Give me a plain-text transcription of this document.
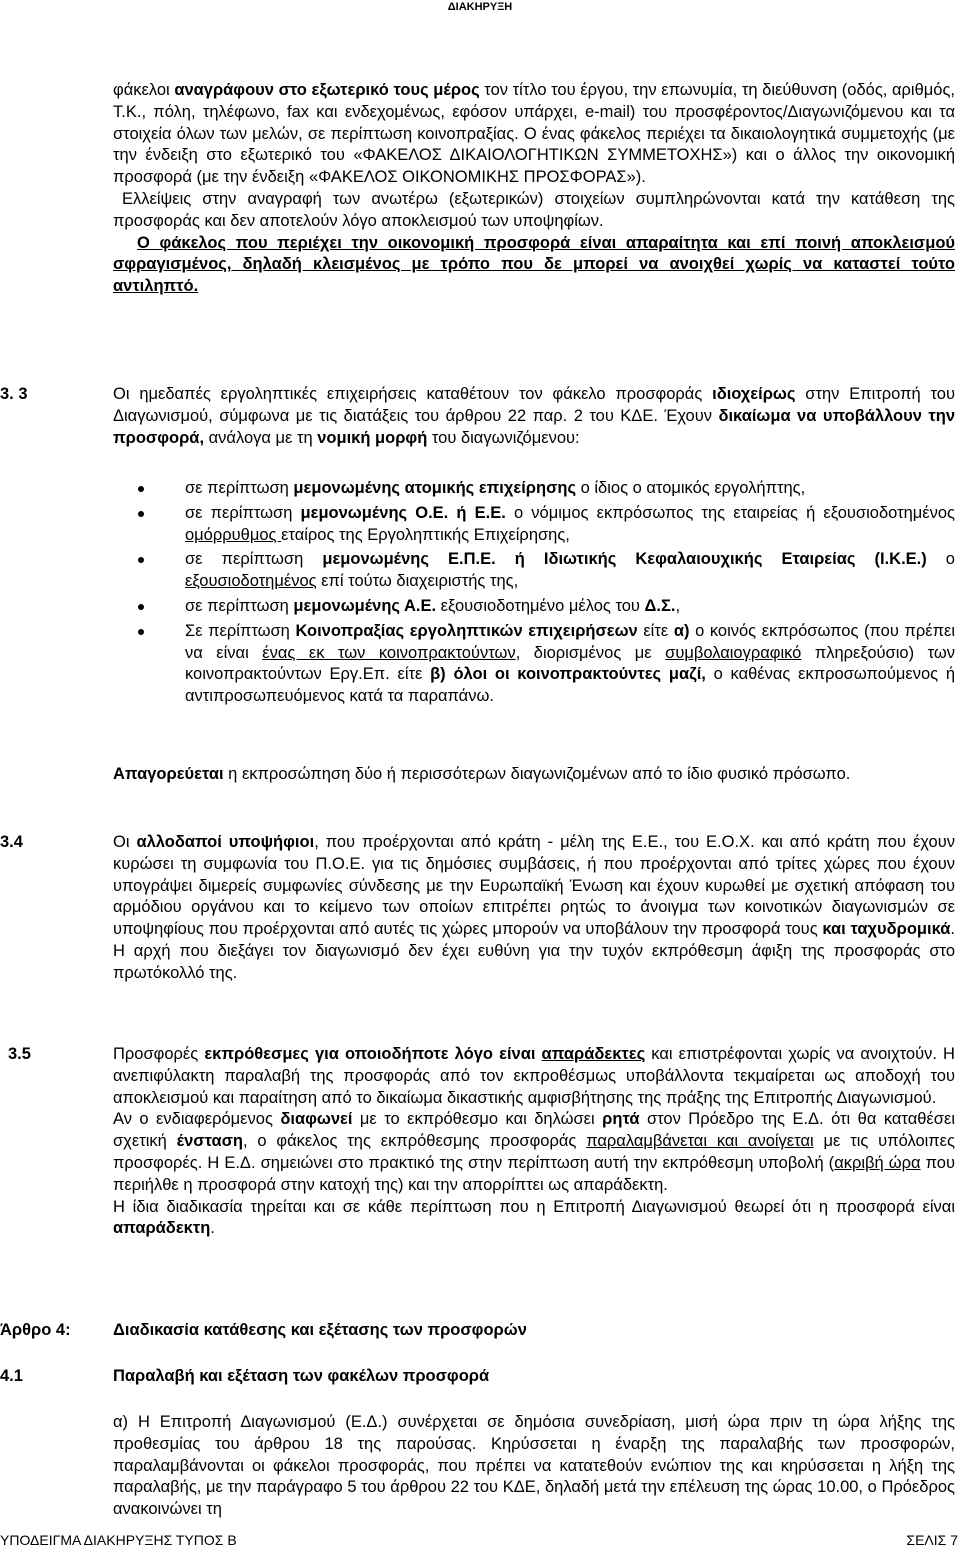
ΔΙΑΚΗΡΥΞΗ

φάκελοι αναγράφουν στο εξωτερικό τους μέρος τον τίτλο του έργου, την επωνυμία, τη διεύθυνση (οδός, αριθμός, Τ.Κ., πόλη, τηλέφωνο, fax και ενδεχομένως, εφόσον υπάρχει, e-mail) του προσφέροντος/Διαγωνιζόμενου και τα στοιχεία όλων των μελών, σε περίπτωση κοινοπραξίας. Ο ένας φάκελος περιέχει τα δικαιολογητικά συμμετοχής (με την ένδειξη στο εξωτερικό του «ΦΑΚΕΛΟΣ ΔΙΚΑΙΟΛΟΓΗΤΙΚΩΝ ΣΥΜΜΕΤΟΧΗΣ») και ο άλλος την οικονομική προσφορά (με την ένδειξη «ΦΑΚΕΛΟΣ ΟΙΚΟΝΟΜΙΚΗΣ ΠΡΟΣΦΟΡΑΣ»).

Ελλείψεις στην αναγραφή των ανωτέρω (εξωτερικών) στοιχείων συμπληρώνονται κατά την κατάθεση της προσφοράς και δεν αποτελούν λόγο αποκλεισμού των υποψηφίων.

Ο φάκελος που περιέχει την οικονομική προσφορά είναι απαραίτητα και επί ποινή αποκλεισμού σφραγισμένος, δηλαδή κλεισμένος με τρόπο που δε μπορεί να ανοιχθεί χωρίς να καταστεί τούτο αντιληπτό.

3. 3	Οι ημεδαπές εργοληπτικές επιχειρήσεις καταθέτουν τον φάκελο προσφοράς ιδιοχείρως στην Επιτροπή του Διαγωνισμού, σύμφωνα με τις διατάξεις του άρθρου 22 παρ. 2 του ΚΔΕ. Έχουν δικαίωμα να υποβάλλουν την προσφορά, ανάλογα με τη νομική μορφή του διαγωνιζόμενου:

σε περίπτωση μεμονωμένης ατομικής επιχείρησης ο ίδιος ο ατομικός εργολήπτης,
σε περίπτωση μεμονωμένης Ο.Ε. ή Ε.Ε. ο νόμιμος εκπρόσωπος της εταιρείας ή εξουσιοδοτημένος ομόρρυθμος εταίρος της Εργοληπτικής Επιχείρησης,
σε περίπτωση μεμονωμένης Ε.Π.Ε. ή Ιδιωτικής Κεφαλαιουχικής Εταιρείας (Ι.Κ.Ε.) ο εξουσιοδοτημένος επί τούτω διαχειριστής της,
σε περίπτωση μεμονωμένης Α.Ε. εξουσιοδοτημένο μέλος του Δ.Σ.,
Σε περίπτωση Κοινοπραξίας εργοληπτικών επιχειρήσεων είτε α) ο κοινός εκπρόσωπος (που πρέπει να είναι ένας εκ των κοινοπρακτούντων, διορισμένος με συμβολαιογραφικό πληρεξούσιο) των κοινοπρακτούντων Εργ.Επ. είτε β) όλοι οι κοινοπρακτούντες μαζί, ο καθένας εκπροσωπούμενος ή αντιπροσωπευόμενος κατά τα παραπάνω.

Απαγορεύεται η εκπροσώπηση δύο ή περισσότερων διαγωνιζομένων από το ίδιο φυσικό πρόσωπο.

3.4	Οι αλλοδαποί υποψήφιοι, που προέρχονται από κράτη - μέλη της Ε.Ε., του Ε.Ο.Χ. και από κράτη που έχουν κυρώσει τη συμφωνία του Π.Ο.Ε. για τις δημόσιες συμβάσεις, ή που προέρχονται από τρίτες χώρες που έχουν υπογράψει διμερείς συμφωνίες σύνδεσης με την Ευρωπαϊκή Ένωση και έχουν κυρωθεί με σχετική απόφαση του αρμόδιου οργάνου και το κείμενο των οποίων επιτρέπει ρητώς το άνοιγμα των κοινοτικών διαγωνισμών σε υποψηφίους που προέρχονται από αυτές τις χώρες μπορούν να υποβάλουν την προσφορά τους και ταχυδρομικά. Η αρχή που διεξάγει τον διαγωνισμό δεν έχει ευθύνη για την τυχόν εκπρόθεσμη άφιξη της προσφοράς στο πρωτόκολλό της.

3.5	Προσφορές εκπρόθεσμες για οποιοδήποτε λόγο είναι απαράδεκτες και επιστρέφονται χωρίς να ανοιχτούν. Η ανεπιφύλακτη παραλαβή της προσφοράς από τον εκπροθέσμως υποβάλλοντα τεκμαίρεται ως αποδοχή του αποκλεισμού και παραίτηση από το δικαίωμα δικαστικής αμφισβήτησης της πράξης της Επιτροπής Διαγωνισμού.

Αν ο ενδιαφερόμενος διαφωνεί με το εκπρόθεσμο και δηλώσει ρητά στον Πρόεδρο της Ε.Δ. ότι θα καταθέσει σχετική ένσταση, ο φάκελος της εκπρόθεσμης προσφοράς παραλαμβάνεται και ανοίγεται με τις υπόλοιπες προσφορές. Η Ε.Δ. σημειώνει στο πρακτικό της στην περίπτωση αυτή την εκπρόθεσμη υποβολή (ακριβή ώρα που περιήλθε η προσφορά στην κατοχή της) και την απορρίπτει ως απαράδεκτη.

Η ίδια διαδικασία τηρείται και σε κάθε περίπτωση που η Επιτροπή Διαγωνισμού θεωρεί ότι η προσφορά είναι απαράδεκτη.

Άρθρο 4:	Διαδικασία κατάθεσης και εξέτασης των προσφορών
4.1	Παραλαβή και εξέταση των φακέλων προσφορά
α) Η Επιτροπή Διαγωνισμού (Ε.Δ.) συνέρχεται σε δημόσια συνεδρίαση, μισή ώρα πριν τη ώρα λήξης της προθεσμίας του άρθρου 18 της παρούσας. Κηρύσσεται η έναρξη της παραλαβής των προσφορών, παραλαμβάνονται οι φάκελοι προσφοράς, που πρέπει να κατατεθούν ενώπιον της και κηρύσσεται η λήξη της παραλαβής, με την παράγραφο 5 του άρθρου 22 του ΚΔΕ, δηλαδή μετά την επέλευση της ώρας 10.00, ο Πρόεδρος ανακοινώνει τη
ΥΠΟΔΕΙΓΜΑ ΔΙΑΚΗΡΥΞΗΣ ΤΥΠΟΣ Β	ΣΕΛΙΣ 7
